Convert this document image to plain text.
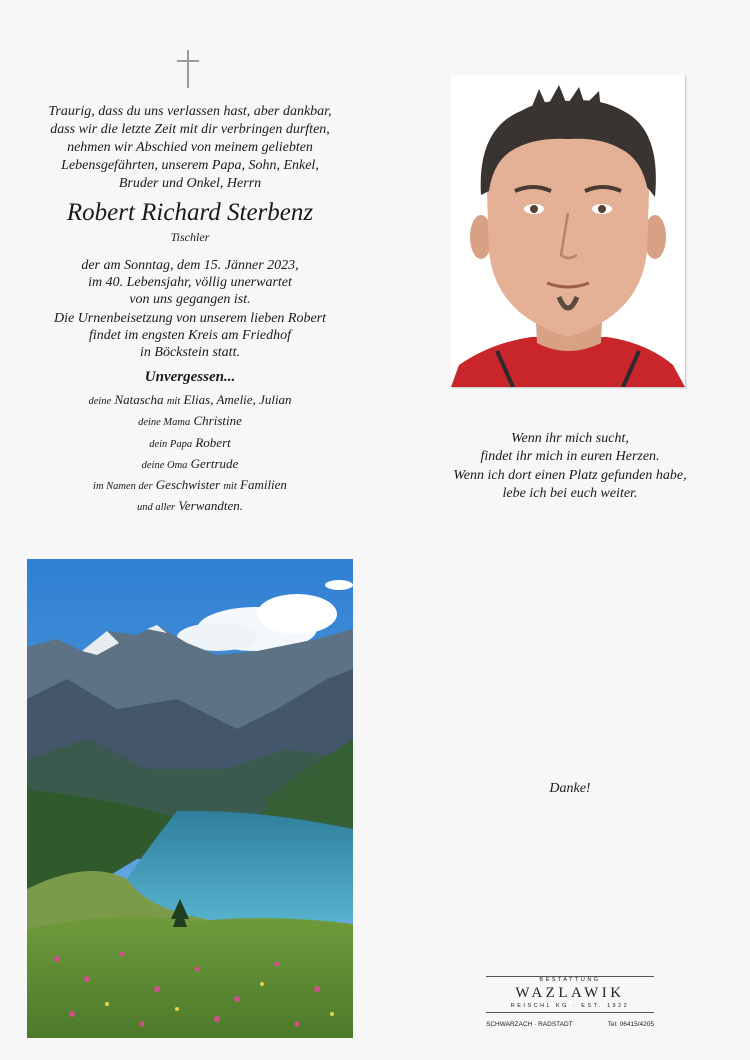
Traurig, dass du uns verlassen hast, aber dankbar,
dass wir die letzte Zeit mit dir verbringen durften,
nehmen wir Abschied von meinem geliebten
Lebensgefährten, unserem Papa, Sohn, Enkel,
Bruder und Onkel, Herrn
Robert Richard Sterbenz
Tischler
der am Sonntag, dem 15. Jänner 2023,
im 40. Lebensjahr, völlig unerwartet
von uns gegangen ist.
Die Urnenbeisetzung von unserem lieben Robert
findet im engsten Kreis am Friedhof
in Böckstein statt.
Unvergessen...
deine Natascha mit Elias, Amelie, Julian
deine Mama Christine
dein Papa Robert
deine Oma Gertrude
im Namen der Geschwister mit Familien
und aller Verwandten.
Wenn ihr mich sucht,
findet ihr mich in euren Herzen.
Wenn ich dort einen Platz gefunden habe,
lebe ich bei euch weiter.
Danke!
BESTATTUNG
WAZLAWIK
REISCHL KG · EST. 1922
SCHWARZACH · RADSTADT	Tel: 06415/4205
